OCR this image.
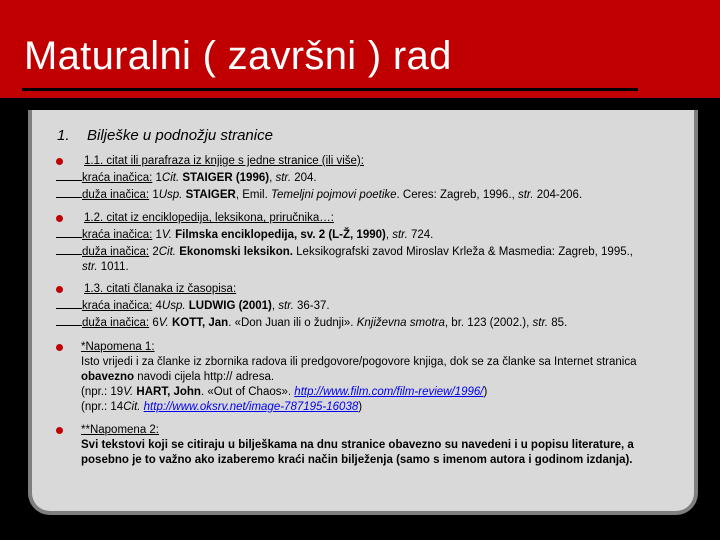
Maturalni ( završni ) rad
1. Bilješke u podnožju stranice
1.1. citat ili parafraza iz knjige s jedne stranice (ili više):
kraća inačica: 1Cit. STAIGER (1996), str. 204.
duža inačica: 1Usp. STAIGER, Emil. Temeljni pojmovi poetike. Ceres: Zagreb, 1996., str. 204-206.
1.2. citat iz enciklopedija, leksikona, priručnika…:
kraća inačica: 1V. Filmska enciklopedija, sv. 2 (L-Ž, 1990), str. 724.
duža inačica: 2Cit. Ekonomski leksikon. Leksikografski zavod Miroslav Krleža & Masmedia: Zagreb, 1995.,
str. 1011.
1.3. citati članaka iz časopisa:
kraća inačica: 4Usp. LUDWIG (2001), str. 36-37.
duža inačica: 6V. KOTT, Jan. «Don Juan ili o žudnji». Književna smotra, br. 123 (2002.), str. 85.
*Napomena 1:
Isto vrijedi i za članke iz zbornika radova ili predgovore/pogovore knjiga, dok se za članke sa Internet stranica
obavezno navodi cijela http:// adresa.
(npr.: 19V. HART, John. «Out of Chaos». http://www.film.com/film-review/1996/)
(npr.: 14Cit. http://www.oksrv.net/image-787195-16038)
**Napomena 2:
Svi tekstovi koji se citiraju u bilješkama na dnu stranice obavezno su navedeni i u popisu literature, a
posebno je to važno ako izaberemo kraći način bilježenja (samo s imenom autora i godinom izdanja).
